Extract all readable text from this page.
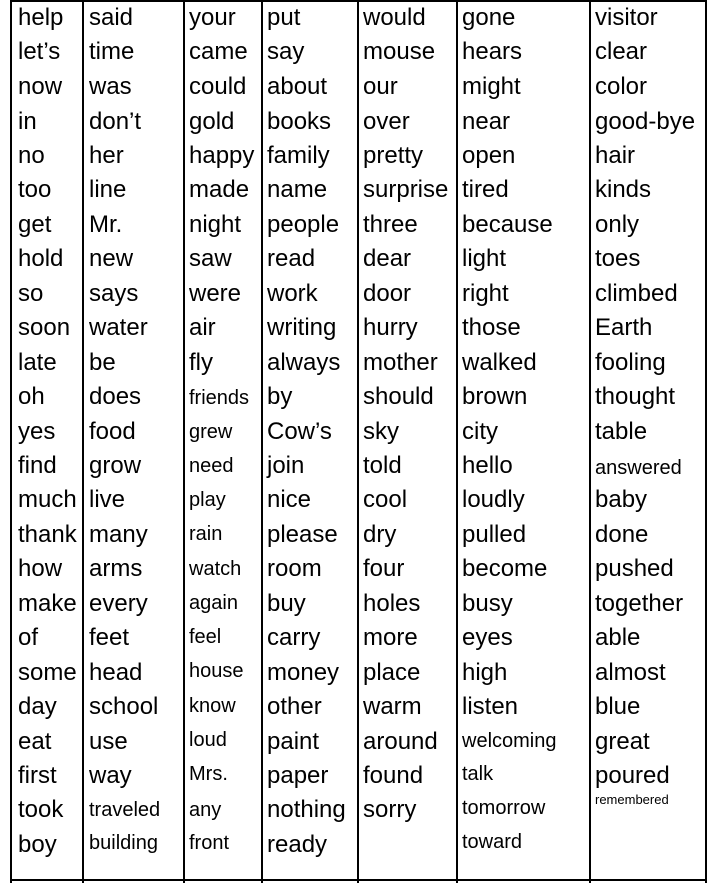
help
let’s
now
in
no
too
get
hold
so
soon
late
oh
yes
find
much
thank
how
make
of
some
day
eat
first
took
boy
said
time
was
don’t
her
line
Mr.
new
says
water
be
does
food
grow
live
many
arms
every
feet
head
school
use
way
traveled
building
your
came
could
gold
happy
made
night
saw
were
air
fly
friends
grew
need
play
rain
watch
again
feel
house
know
loud
Mrs.
any
front
put
say
about
books
family
name
people
read
work
writing
always
by
Cow’s
join
nice
please
room
buy
carry
money
other
paint
paper
nothing
ready
would
mouse
our
over
pretty
surprise
three
dear
door
hurry
mother
should
sky
told
cool
dry
four
holes
more
place
warm
around
found
sorry
gone
hears
might
near
open
tired
because
light
right
those
walked
brown
city
hello
loudly
pulled
become
busy
eyes
high
listen
welcoming
talk
tomorrow
toward
visitor
clear
color
good-bye
hair
kinds
only
toes
climbed
Earth
fooling
thought
table
answered
baby
done
pushed
together
able
almost
blue
great
poured
remembered
